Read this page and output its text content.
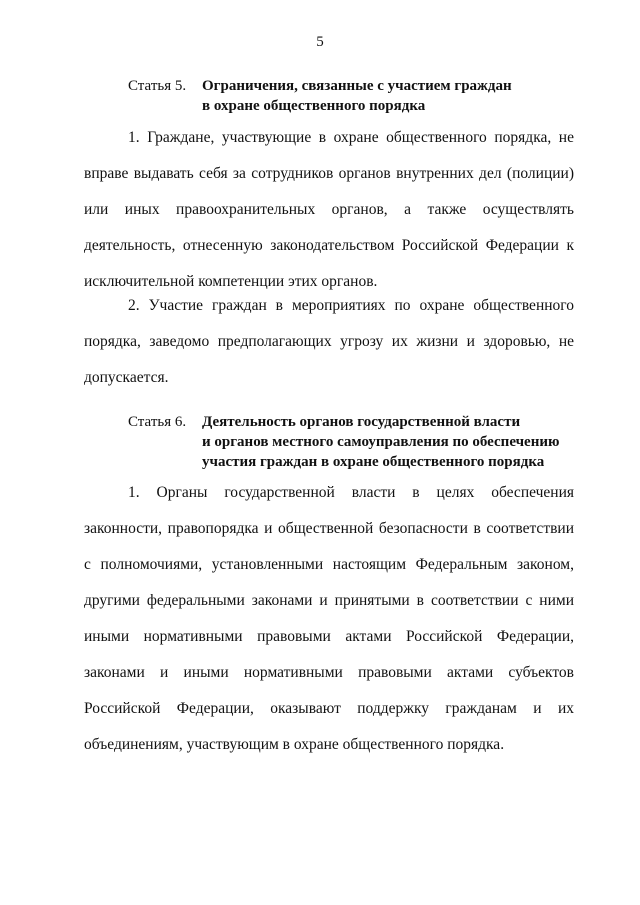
5
Статья 5. Ограничения, связанные с участием граждан
в охране общественного порядка
1. Граждане, участвующие в охране общественного порядка, не вправе выдавать себя за сотрудников органов внутренних дел (полиции) или иных правоохранительных органов, а также осуществлять деятельность, отнесенную законодательством Российской Федерации к исключительной компетенции этих органов.
2. Участие граждан в мероприятиях по охране общественного порядка, заведомо предполагающих угрозу их жизни и здоровью, не допускается.
Статья 6. Деятельность органов государственной власти
и органов местного самоуправления по обеспечению
участия граждан в охране общественного порядка
1. Органы государственной власти в целях обеспечения законности, правопорядка и общественной безопасности в соответствии с полномочиями, установленными настоящим Федеральным законом, другими федеральными законами и принятыми в соответствии с ними иными нормативными правовыми актами Российской Федерации, законами и иными нормативными правовыми актами субъектов Российской Федерации, оказывают поддержку гражданам и их объединениям, участвующим в охране общественного порядка.
